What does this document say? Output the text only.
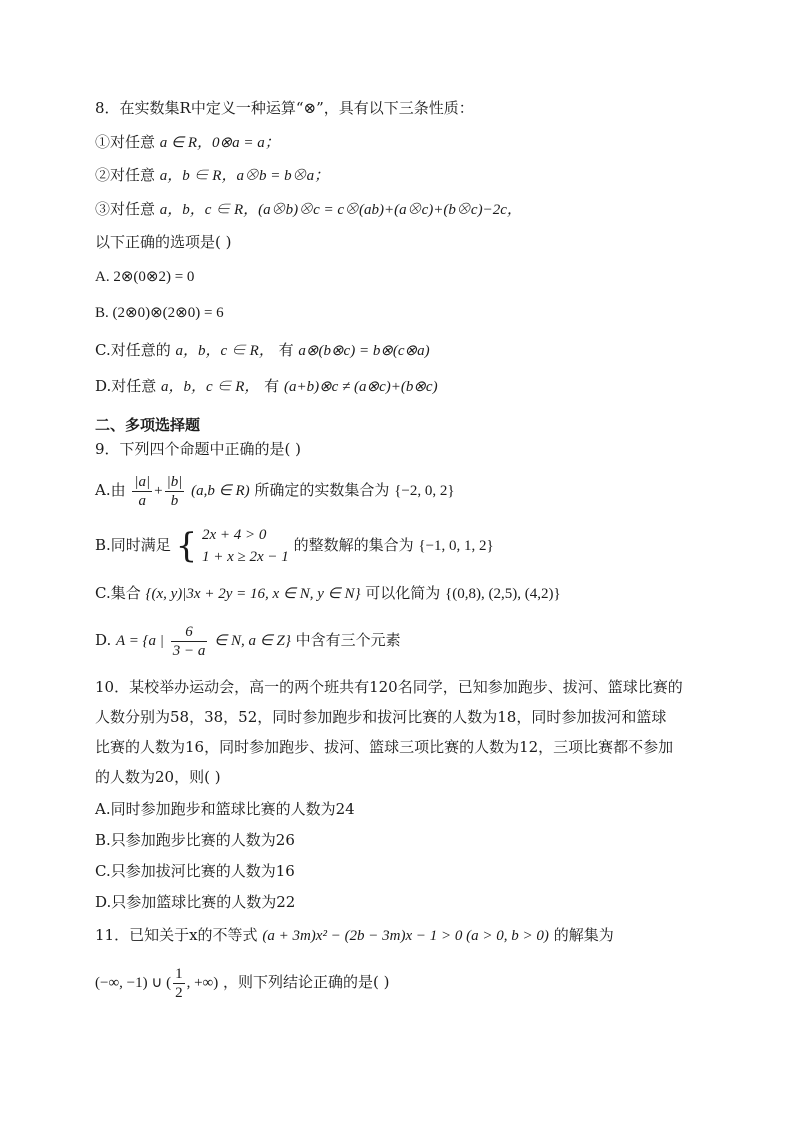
8．在实数集R中定义一种运算“⊗”，具有以下三条性质：
①对任意 a ∈ R，0⊗a = a；
②对任意 a，b ∈ R，a⊗b = b⊗a；
③对任意 a，b，c ∈ R，(a⊗b)⊗c = c⊗(ab)+(a⊗c)+(b⊗c)−2c，
以下正确的选项是( )
A. 2⊗(0⊗2) = 0
B. (2⊗0)⊗(2⊗0) = 6
C.对任意的 a，b，c ∈ R， 有 a⊗(b⊗c) = b⊗(c⊗a)
D.对任意 a，b，c ∈ R， 有 (a+b)⊗c ≠ (a⊗c)+(b⊗c)
二、多项选择题
9．下列四个命题中正确的是( )
A.由 $\frac{|a|}{a} + \frac{|b|}{b} (a,b$ ∈ R) 所确定的实数集合为 {−2, 0, 2}
B.同时满足 { 2x + 4 > 0
1 + x ≥ 2x − 1
的整数解的集合为 {−1, 0, 1, 2}
C.集合 {(x, y)|3x + 2y = 16, x ∈ N, y ∈ N} 可以化简为 {(0,8), (2,5), (4,2)}
D. A = {a | $\frac{6}{3 - a}$ ∈ N, a ∈ Z} 中含有三个元素
10．某校举办运动会，高一的两个班共有120名同学，已知参加跑步、拔河、篮球比赛的
人数分别为58，38，52，同时参加跑步和拔河比赛的人数为18，同时参加拔河和篮球
比赛的人数为16，同时参加跑步、拔河、篮球三项比赛的人数为12，三项比赛都不参加
的人数为20，则( )
A.同时参加跑步和篮球比赛的人数为24
B.只参加跑步比赛的人数为26
C.只参加拔河比赛的人数为16
D.只参加篮球比赛的人数为22
11．已知关于x的不等式 (a + 3m)x² − (2b − 3m)x − 1 > 0 (a > 0, b > 0) 的解集为
(−∞, −1) ∪ ( $\frac{1}{2}$ , +∞) ，则下列结论正确的是( )
